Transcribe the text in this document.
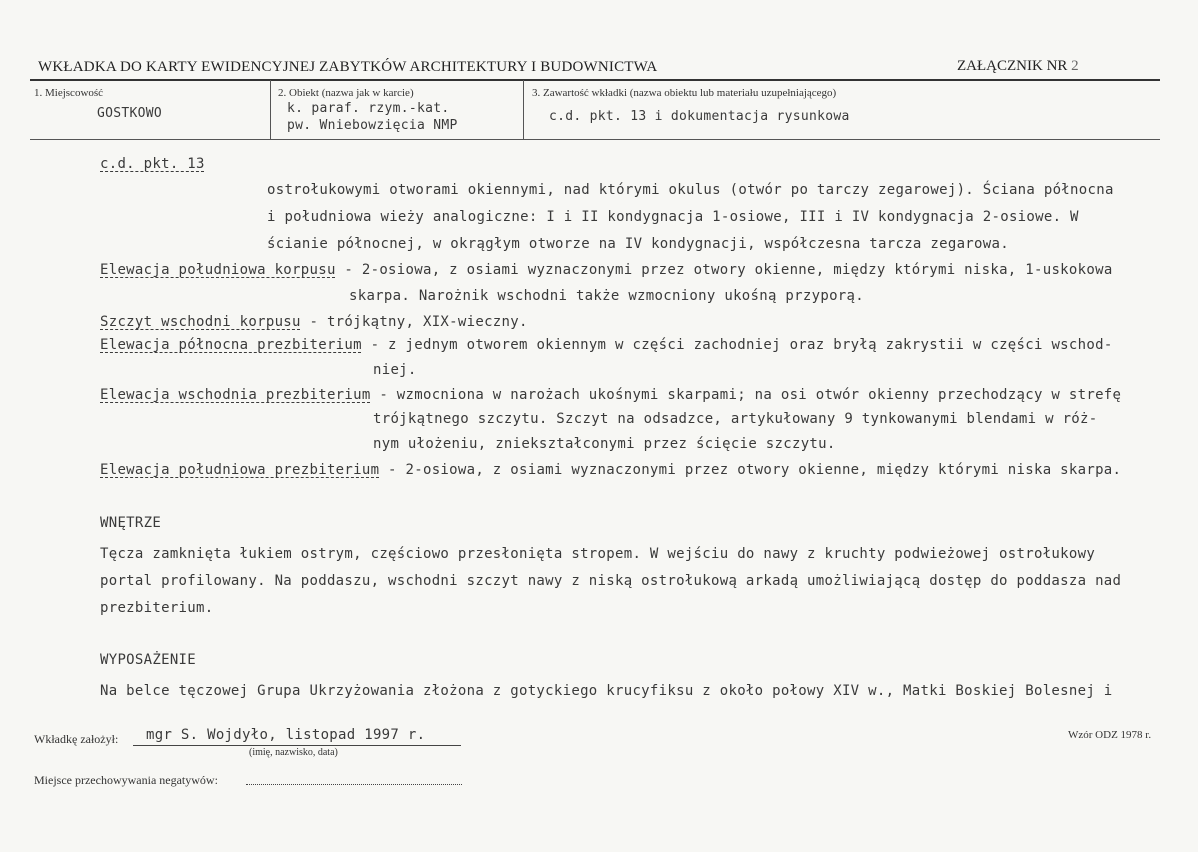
WKŁADKA DO KARTY EWIDENCYJNEJ ZABYTKÓW ARCHITEKTURY I BUDOWNICTWA	ZAŁĄCZNIK NR 2
1. Miejscowość
GOSTKOWO
2. Obiekt (nazwa jak w karcie)
k. paraf. rzym.-kat.
pw. Wniebowzięcia NMP
3. Zawartość wkładki (nazwa obiektu lub materiału uzupełniającego)
c.d. pkt. 13 i dokumentacja rysunkowa
c.d. pkt. 13
ostrołukowymi otworami okiennymi, nad którymi okulus (otwór po tarczy zegarowej). Ściana północna
i południowa wieży analogiczne: I i II kondygnacja 1-osiowe, III i IV kondygnacja 2-osiowe. W
ścianie północnej, w okrągłym otworze na IV kondygnacji, współczesna tarcza zegarowa.
Elewacja południowa korpusu - 2-osiowa, z osiami wyznaczonymi przez otwory okienne, między którymi niska, 1-uskokowa
skarpa. Narożnik wschodni także wzmocniony ukośną przyporą.
Szczyt wschodni korpusu - trójkątny, XIX-wieczny.
Elewacja północna prezbiterium - z jednym otworem okiennym w części zachodniej oraz bryłą zakrystii w części wschod-
niej.
Elewacja wschodnia prezbiterium - wzmocniona w narożach ukośnymi skarpami; na osi otwór okienny przechodzący w strefę
trójkątnego szczytu. Szczyt na odsadzce, artykułowany 9 tynkowanymi blendami w róż-
nym ułożeniu, zniekształconymi przez ścięcie szczytu.
Elewacja południowa prezbiterium - 2-osiowa, z osiami wyznaczonymi przez otwory okienne, między którymi niska skarpa.
WNĘTRZE
Tęcza zamknięta łukiem ostrym, częściowo przesłonięta stropem. W wejściu do nawy z kruchty podwieżowej ostrołukowy
portal profilowany. Na poddaszu, wschodni szczyt nawy z niską ostrołukową arkadą umożliwiającą dostęp do poddasza nad
prezbiterium.
WYPOSAŻENIE
Na belce tęczowej Grupa Ukrzyżowania złożona z gotyckiego krucyfiksu z około połowy XIV w., Matki Boskiej Bolesnej i
Wkładkę założył: mgr S. Wojdyło, listopad 1997 r.
(imię, nazwisko, data)
Wzór ODZ 1978 r.
Miejsce przechowywania negatywów:
